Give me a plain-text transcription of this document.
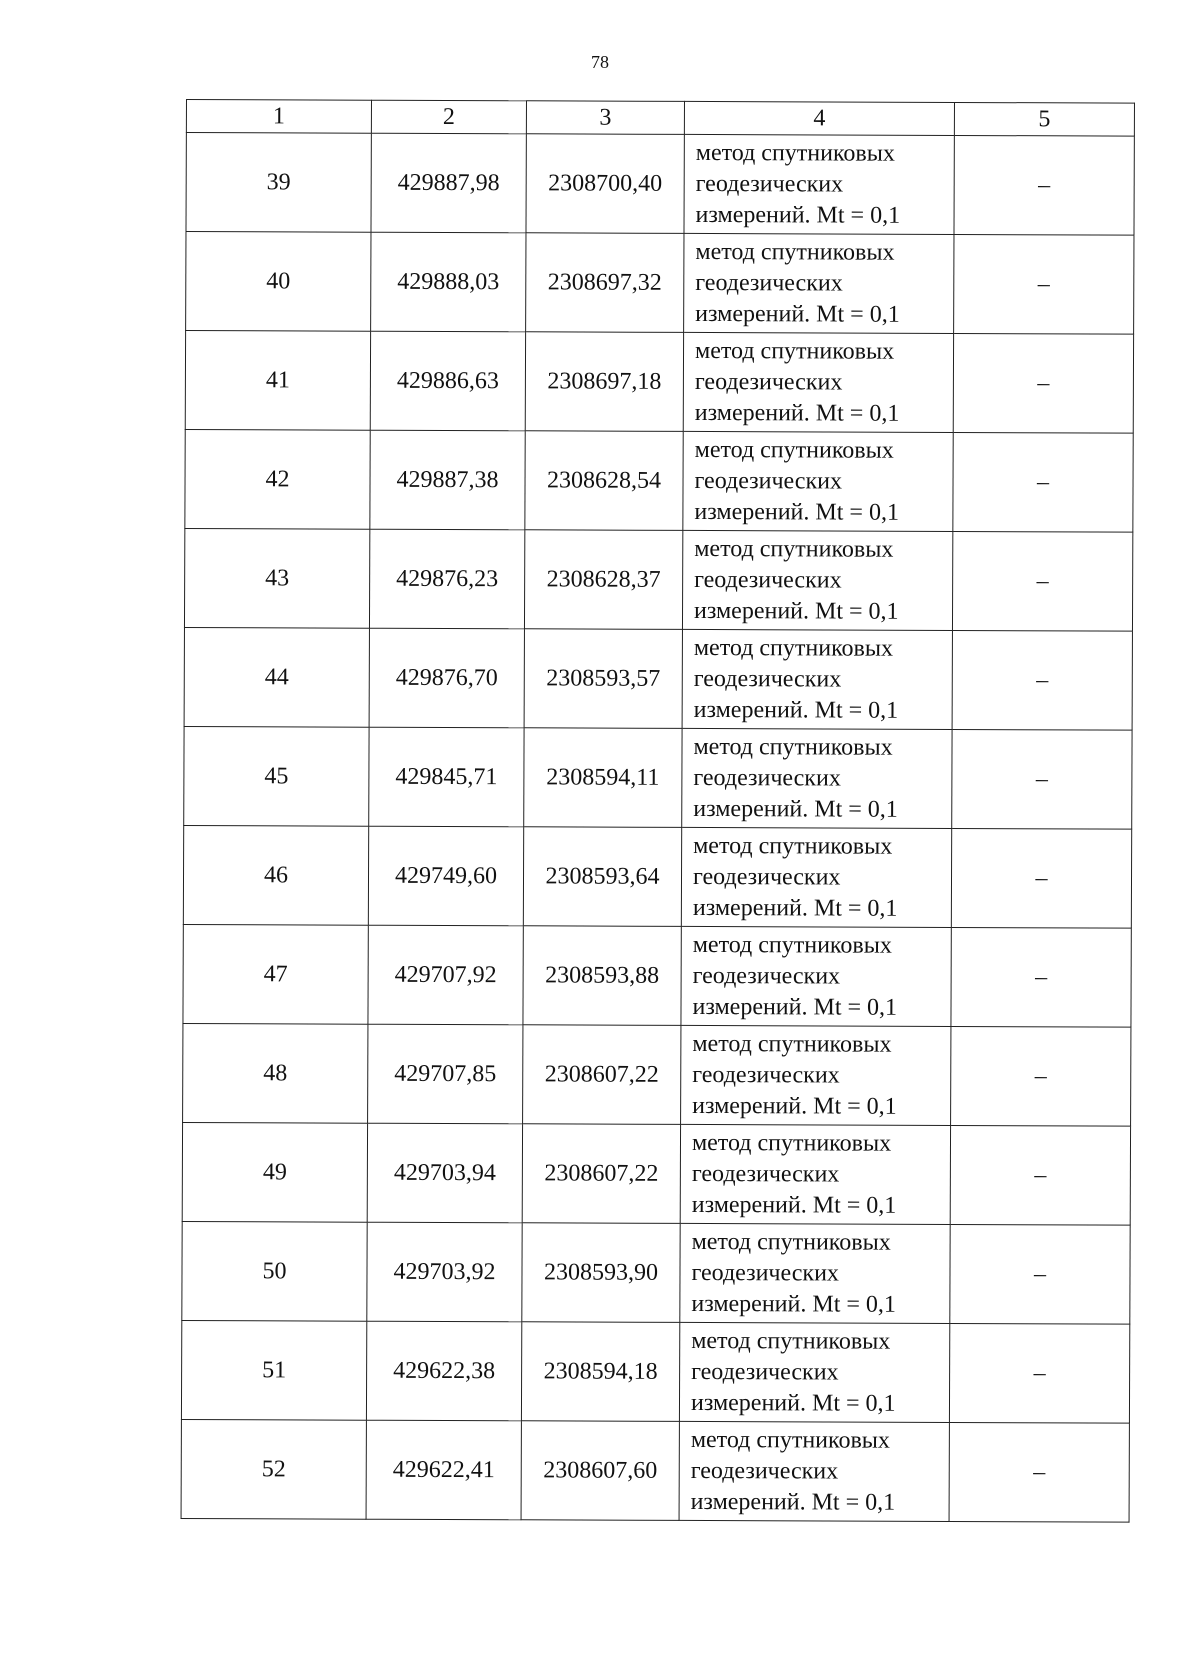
78
1	2	3	4	5
39	429887,98	2308700,40	метод спутниковых геодезических измерений. Mt = 0,1	–
40	429888,03	2308697,32	метод спутниковых геодезических измерений. Mt = 0,1	–
41	429886,63	2308697,18	метод спутниковых геодезических измерений. Mt = 0,1	–
42	429887,38	2308628,54	метод спутниковых геодезических измерений. Mt = 0,1	–
43	429876,23	2308628,37	метод спутниковых геодезических измерений. Mt = 0,1	–
44	429876,70	2308593,57	метод спутниковых геодезических измерений. Mt = 0,1	–
45	429845,71	2308594,11	метод спутниковых геодезических измерений. Mt = 0,1	–
46	429749,60	2308593,64	метод спутниковых геодезических измерений. Mt = 0,1	–
47	429707,92	2308593,88	метод спутниковых геодезических измерений. Mt = 0,1	–
48	429707,85	2308607,22	метод спутниковых геодезических измерений. Mt = 0,1	–
49	429703,94	2308607,22	метод спутниковых геодезических измерений. Mt = 0,1	–
50	429703,92	2308593,90	метод спутниковых геодезических измерений. Mt = 0,1	–
51	429622,38	2308594,18	метод спутниковых геодезических измерений. Mt = 0,1	–
52	429622,41	2308607,60	метод спутниковых геодезических измерений. Mt = 0,1	–
